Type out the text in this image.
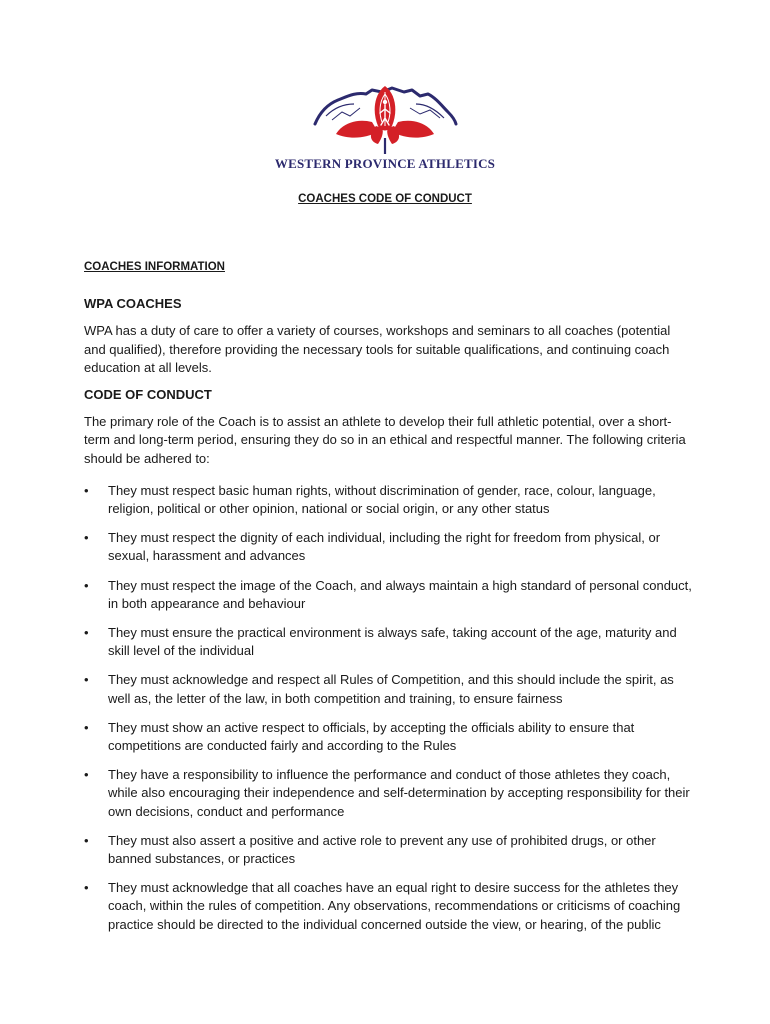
WESTERN PROVINCE ATHLETICS
COACHES CODE OF CONDUCT
COACHES INFORMATION
WPA COACHES

WPA has a duty of care to offer a variety of courses, workshops and seminars to all coaches (potential and qualified), therefore providing the necessary tools for suitable qualifications, and continuing coach education at all levels.

CODE OF CONDUCT

The primary role of the Coach is to assist an athlete to develop their full athletic potential, over a short-term and long-term period, ensuring they do so in an ethical and respectful manner. The following criteria should be adhered to:

• They must respect basic human rights, without discrimination of gender, race, colour, language, religion, political or other opinion, national or social origin, or any other status
• They must respect the dignity of each individual, including the right for freedom from physical, or sexual, harassment and advances
• They must respect the image of the Coach, and always maintain a high standard of personal conduct, in both appearance and behaviour
• They must ensure the practical environment is always safe, taking account of the age, maturity and skill level of the individual
• They must acknowledge and respect all Rules of Competition, and this should include the spirit, as well as, the letter of the law, in both competition and training, to ensure fairness
• They must show an active respect to officials, by accepting the officials ability to ensure that competitions are conducted fairly and according to the Rules
• They have a responsibility to influence the performance and conduct of those athletes they coach, while also encouraging their independence and self-determination by accepting responsibility for their own decisions, conduct and performance
• They must also assert a positive and active role to prevent any use of prohibited drugs, or other banned substances, or practices
• They must acknowledge that all coaches have an equal right to desire success for the athletes they coach, within the rules of competition. Any observations, recommendations or criticisms of coaching practice should be directed to the individual concerned outside the view, or hearing, of the public
